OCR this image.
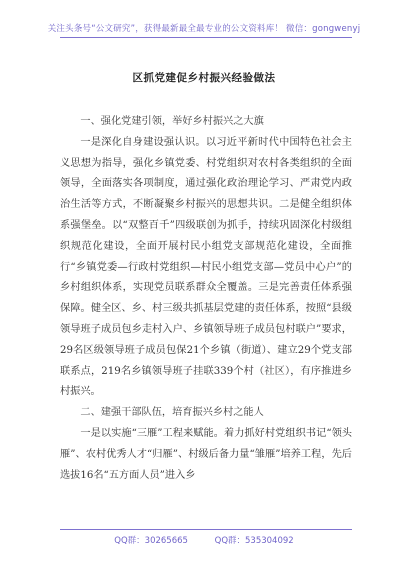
关注头条号“公文研究”，获得最新最全最专业的公文资料库！ 微信：gongwenyj
区抓党建促乡村振兴经验做法

一、强化党建引领，举好乡村振兴之大旗

一是深化自身建设强认识。以习近平新时代中国特色社会主义思想为指导，强化乡镇党委、村党组织对农村各类组织的全面领导，全面落实各项制度，通过强化政治理论学习、严肃党内政治生活等方式，不断凝聚乡村振兴的思想共识。二是健全组织体系强堡垒。以“双整百千”四级联创为抓手，持续巩固深化村级组织规范化建设，全面开展村民小组党支部规范化建设，全面推行“乡镇党委—行政村党组织—村民小组党支部—党员中心户”的乡村组织体系，实现党员联系群众全覆盖。三是完善责任体系强保障。健全区、乡、村三级共抓基层党建的责任体系，按照“县级领导班子成员包乡走村入户、乡镇领导班子成员包村联户”要求，29名区级领导班子成员包保21个乡镇（街道）、建立29个党支部联系点，219名乡镇领导班子挂联339个村（社区），有序推进乡村振兴。

二、建强干部队伍，培育振兴乡村之能人

一是以实施“三雁”工程来赋能。着力抓好村党组织书记“领头雁”、农村优秀人才“归雁”、村级后备力量“雏雁”培养工程，先后选拔16名“五方面人员”进入乡

QQ群：30265665	QQ群：535304092
